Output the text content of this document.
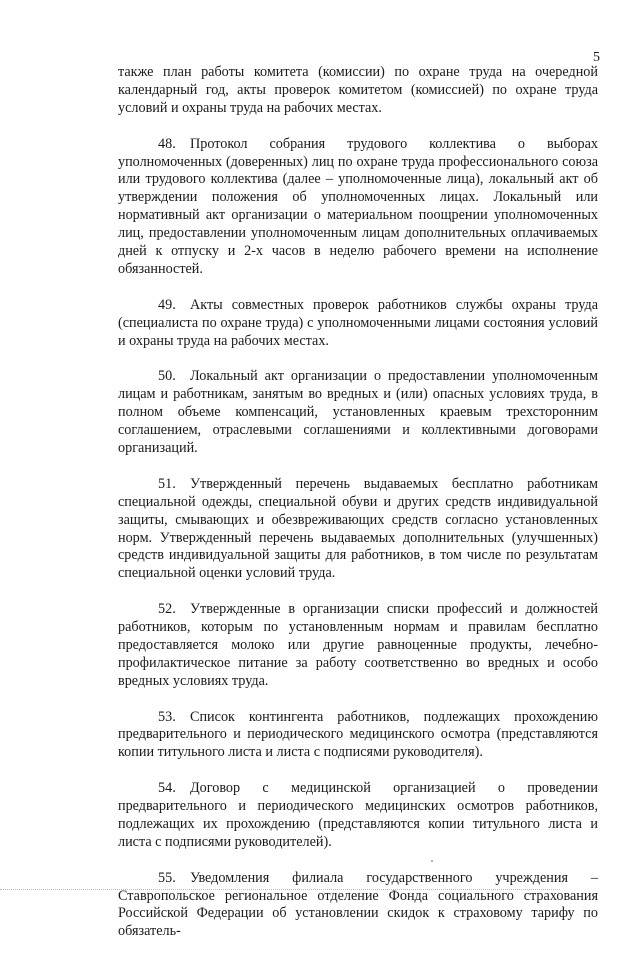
5

также план работы комитета (комиссии) по охране труда на очередной календарный год, акты проверок комитетом (комиссией) по охране труда условий и охраны труда на рабочих местах.

48. Протокол собрания трудового коллектива о выборах уполномоченных (доверенных) лиц по охране труда профессионального союза или трудового коллектива (далее – уполномоченные лица), локальный акт об утверждении положения об уполномоченных лицах. Локальный или нормативный акт организации о материальном поощрении уполномоченных лиц, предоставлении уполномоченным лицам дополнительных оплачиваемых дней к отпуску и 2-х часов в неделю рабочего времени на исполнение обязанностей.

49. Акты совместных проверок работников службы охраны труда (специалиста по охране труда) с уполномоченными лицами состояния условий и охраны труда на рабочих местах.

50. Локальный акт организации о предоставлении уполномоченным лицам и работникам, занятым во вредных и (или) опасных условиях труда, в полном объеме компенсаций, установленных краевым трехсторонним соглашением, отраслевыми соглашениями и коллективными договорами организаций.

51. Утвержденный перечень выдаваемых бесплатно работникам специальной одежды, специальной обуви и других средств индивидуальной защиты, смывающих и обезвреживающих средств согласно установленных норм. Утвержденный перечень выдаваемых дополнительных (улучшенных) средств индивидуальной защиты для работников, в том числе по результатам специальной оценки условий труда.

52. Утвержденные в организации списки профессий и должностей работников, которым по установленным нормам и правилам бесплатно предоставляется молоко или другие равноценные продукты, лечебно-профилактическое питание за работу соответственно во вредных и особо вредных условиях труда.

53. Список контингента работников, подлежащих прохождению предварительного и периодического медицинского осмотра (представляются копии титульного листа и листа с подписями руководителя).

54. Договор с медицинской организацией о проведении предварительного и периодического медицинских осмотров работников, подлежащих их прохождению (представляются копии титульного листа и листа с подписями руководителей).

55. Уведомления филиала государственного учреждения – Ставропольское региональное отделение Фонда социального страхования Российской Федерации об установлении скидок к страховому тарифу по обязатель-
